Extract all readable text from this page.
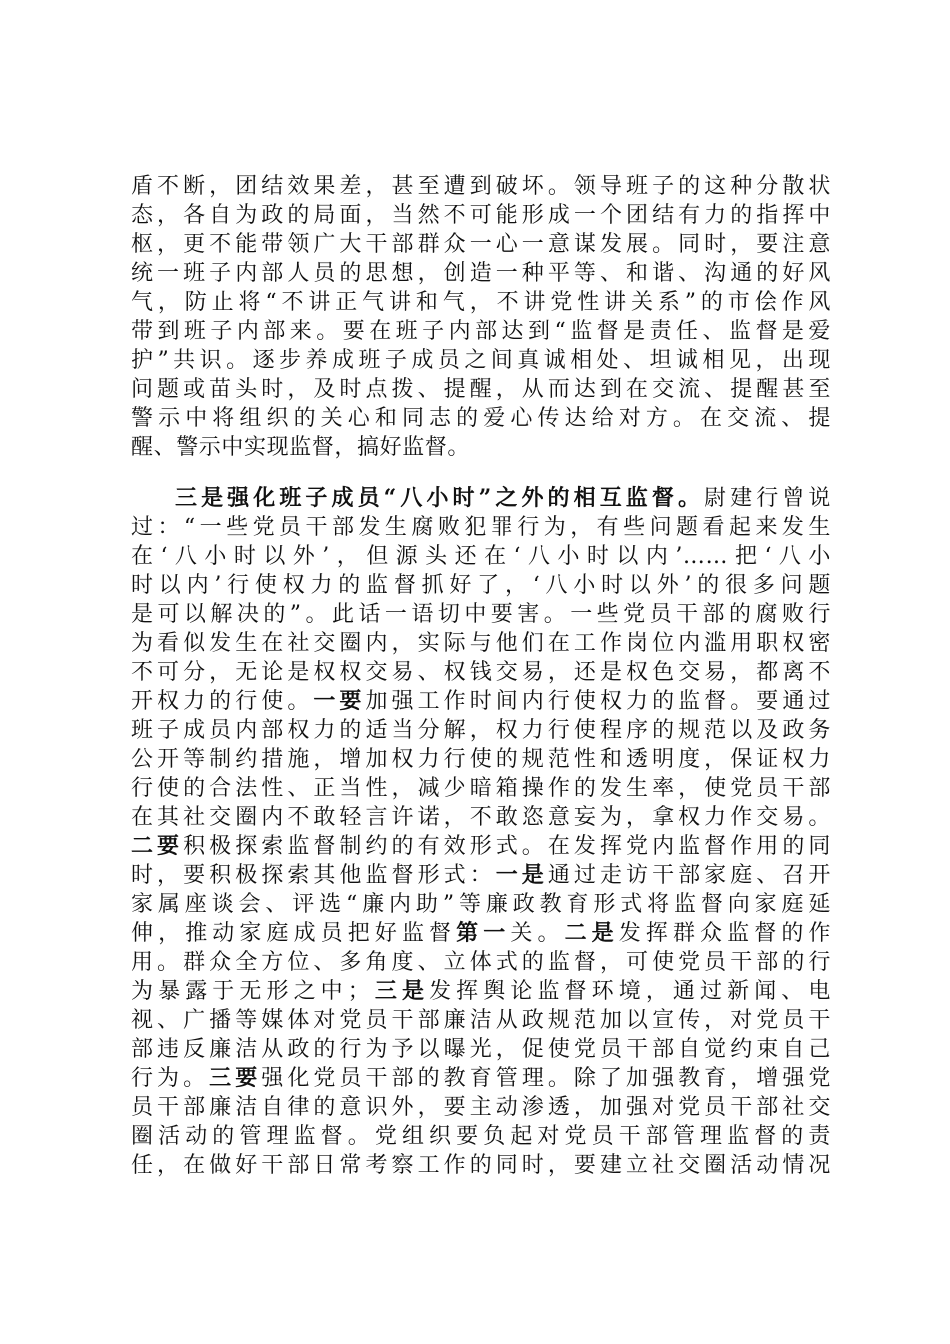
盾不断，团结效果差，甚至遭到破坏。领导班子的这种分散状
态，各自为政的局面，当然不可能形成一个团结有力的指挥中
枢，更不能带领广大干部群众一心一意谋发展。同时，要注意
统一班子内部人员的思想，创造一种平等、和谐、沟通的好风
气，防止将“不讲正气讲和气，不讲党性讲关系”的市侩作风
带到班子内部来。要在班子内部达到“监督是责任、监督是爱
护”共识。逐步养成班子成员之间真诚相处、坦诚相见，出现
问题或苗头时，及时点拨、提醒，从而达到在交流、提醒甚至
警示中将组织的关心和同志的爱心传达给对方。在交流、提
醒、警示中实现监督，搞好监督。
三是强化班子成员“八小时”之外的相互监督。尉建行曾说
过：“一些党员干部发生腐败犯罪行为，有些问题看起来发生
在‘八小时以外’，但源头还在‘八小时以内’……把‘八小
时以内’行使权力的监督抓好了，‘八小时以外’的很多问题
是可以解决的”。此话一语切中要害。一些党员干部的腐败行
为看似发生在社交圈内，实际与他们在工作岗位内滥用职权密
不可分，无论是权权交易、权钱交易，还是权色交易，都离不
开权力的行使。一要加强工作时间内行使权力的监督。要通过
班子成员内部权力的适当分解，权力行使程序的规范以及政务
公开等制约措施，增加权力行使的规范性和透明度，保证权力
行使的合法性、正当性，减少暗箱操作的发生率，使党员干部
在其社交圈内不敢轻言许诺，不敢恣意妄为，拿权力作交易。
二要积极探索监督制约的有效形式。在发挥党内监督作用的同
时，要积极探索其他监督形式：一是通过走访干部家庭、召开
家属座谈会、评选“廉内助”等廉政教育形式将监督向家庭延
伸，推动家庭成员把好监督第一关。二是发挥群众监督的作
用。群众全方位、多角度、立体式的监督，可使党员干部的行
为暴露于无形之中；三是发挥舆论监督环境，通过新闻、电
视、广播等媒体对党员干部廉洁从政规范加以宣传，对党员干
部违反廉洁从政的行为予以曝光，促使党员干部自觉约束自己
行为。三要强化党员干部的教育管理。除了加强教育，增强党
员干部廉洁自律的意识外，要主动渗透，加强对党员干部社交
圈活动的管理监督。党组织要负起对党员干部管理监督的责
任，在做好干部日常考察工作的同时，要建立社交圈活动情况
